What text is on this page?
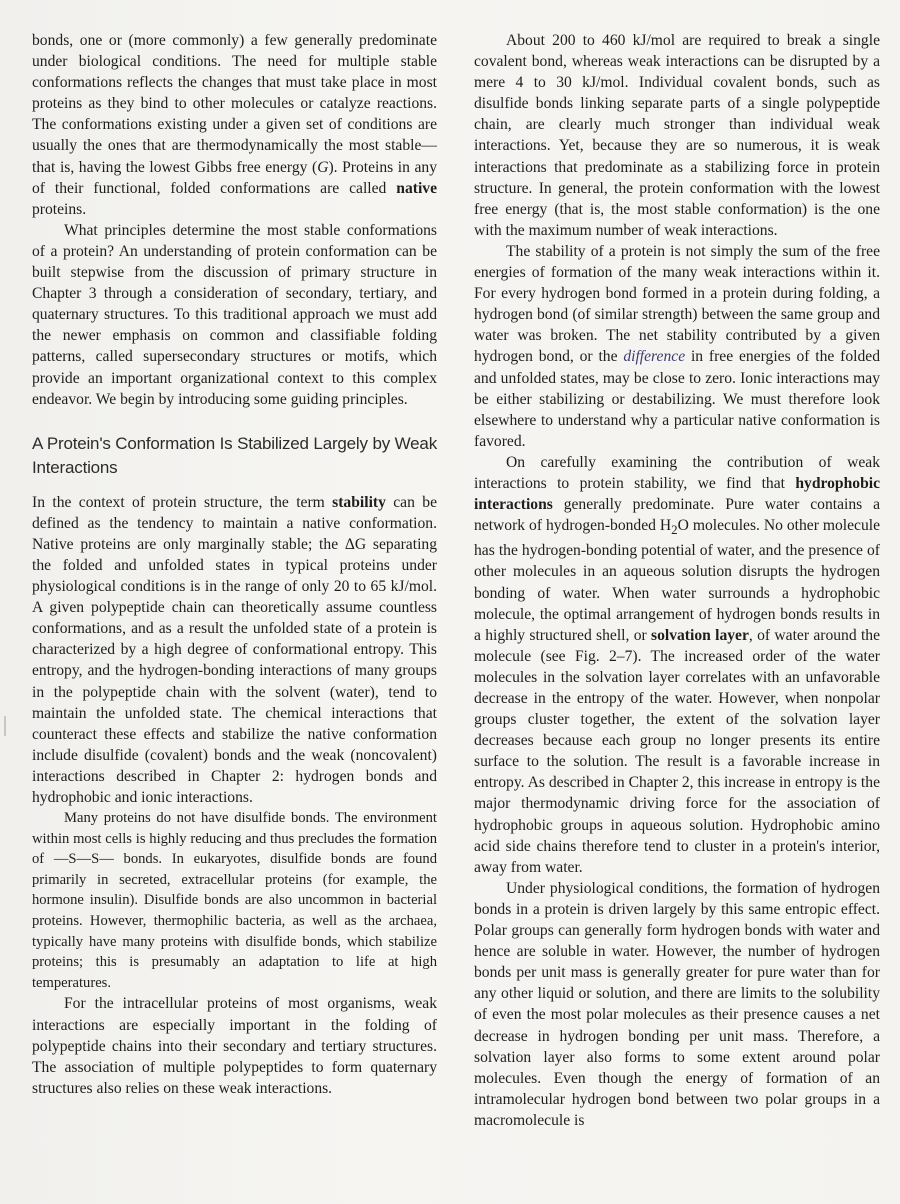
bonds, one or (more commonly) a few generally predominate under biological conditions. The need for multiple stable conformations reflects the changes that must take place in most proteins as they bind to other molecules or catalyze reactions. The conformations existing under a given set of conditions are usually the ones that are thermodynamically the most stable—that is, having the lowest Gibbs free energy (G). Proteins in any of their functional, folded conformations are called native proteins.

What principles determine the most stable conformations of a protein? An understanding of protein conformation can be built stepwise from the discussion of primary structure in Chapter 3 through a consideration of secondary, tertiary, and quaternary structures. To this traditional approach we must add the newer emphasis on common and classifiable folding patterns, called supersecondary structures or motifs, which provide an important organizational context to this complex endeavor. We begin by introducing some guiding principles.

A Protein's Conformation Is Stabilized Largely by Weak Interactions

In the context of protein structure, the term stability can be defined as the tendency to maintain a native conformation. Native proteins are only marginally stable; the ΔG separating the folded and unfolded states in typical proteins under physiological conditions is in the range of only 20 to 65 kJ/mol. A given polypeptide chain can theoretically assume countless conformations, and as a result the unfolded state of a protein is characterized by a high degree of conformational entropy. This entropy, and the hydrogen-bonding interactions of many groups in the polypeptide chain with the solvent (water), tend to maintain the unfolded state. The chemical interactions that counteract these effects and stabilize the native conformation include disulfide (covalent) bonds and the weak (noncovalent) interactions described in Chapter 2: hydrogen bonds and hydrophobic and ionic interactions.

Many proteins do not have disulfide bonds. The environment within most cells is highly reducing and thus precludes the formation of —S—S— bonds. In eukaryotes, disulfide bonds are found primarily in secreted, extracellular proteins (for example, the hormone insulin). Disulfide bonds are also uncommon in bacterial proteins. However, thermophilic bacteria, as well as the archaea, typically have many proteins with disulfide bonds, which stabilize proteins; this is presumably an adaptation to life at high temperatures.

For the intracellular proteins of most organisms, weak interactions are especially important in the folding of polypeptide chains into their secondary and tertiary structures. The association of multiple polypeptides to form quaternary structures also relies on these weak interactions.

About 200 to 460 kJ/mol are required to break a single covalent bond, whereas weak interactions can be disrupted by a mere 4 to 30 kJ/mol. Individual covalent bonds, such as disulfide bonds linking separate parts of a single polypeptide chain, are clearly much stronger than individual weak interactions. Yet, because they are so numerous, it is weak interactions that predominate as a stabilizing force in protein structure. In general, the protein conformation with the lowest free energy (that is, the most stable conformation) is the one with the maximum number of weak interactions.

The stability of a protein is not simply the sum of the free energies of formation of the many weak interactions within it. For every hydrogen bond formed in a protein during folding, a hydrogen bond (of similar strength) between the same group and water was broken. The net stability contributed by a given hydrogen bond, or the difference in free energies of the folded and unfolded states, may be close to zero. Ionic interactions may be either stabilizing or destabilizing. We must therefore look elsewhere to understand why a particular native conformation is favored.

On carefully examining the contribution of weak interactions to protein stability, we find that hydrophobic interactions generally predominate. Pure water contains a network of hydrogen-bonded $H_2O$ molecules. No other molecule has the hydrogen-bonding potential of water, and the presence of other molecules in an aqueous solution disrupts the hydrogen bonding of water. When water surrounds a hydrophobic molecule, the optimal arrangement of hydrogen bonds results in a highly structured shell, or solvation layer, of water around the molecule (see Fig. 2–7). The increased order of the water molecules in the solvation layer correlates with an unfavorable decrease in the entropy of the water. However, when nonpolar groups cluster together, the extent of the solvation layer decreases because each group no longer presents its entire surface to the solution. The result is a favorable increase in entropy. As described in Chapter 2, this increase in entropy is the major thermodynamic driving force for the association of hydrophobic groups in aqueous solution. Hydrophobic amino acid side chains therefore tend to cluster in a protein's interior, away from water.

Under physiological conditions, the formation of hydrogen bonds in a protein is driven largely by this same entropic effect. Polar groups can generally form hydrogen bonds with water and hence are soluble in water. However, the number of hydrogen bonds per unit mass is generally greater for pure water than for any other liquid or solution, and there are limits to the solubility of even the most polar molecules as their presence causes a net decrease in hydrogen bonding per unit mass. Therefore, a solvation layer also forms to some extent around polar molecules. Even though the energy of formation of an intramolecular hydrogen bond between two polar groups in a macromolecule is
